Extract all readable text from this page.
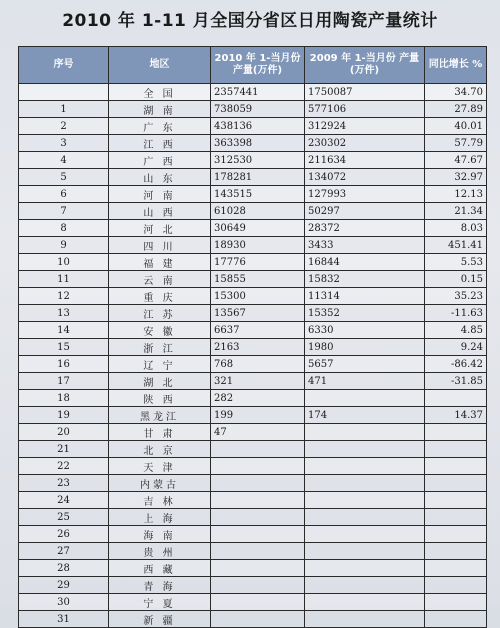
2010 年 1-11 月全国分省区日用陶瓷产量统计
序号	地区	2010 年 1-当月份 产量(万件)	2009 年 1-当月份 产量(万件)	同比增长 %
	全 国	2357441	1750087	34.70
1	湖 南	738059	577106	27.89
2	广 东	438136	312924	40.01
3	江 西	363398	230302	57.79
4	广 西	312530	211634	47.67
5	山 东	178281	134072	32.97
6	河 南	143515	127993	12.13
7	山 西	61028	50297	21.34
8	河 北	30649	28372	8.03
9	四 川	18930	3433	451.41
10	福 建	17776	16844	5.53
11	云 南	15855	15832	0.15
12	重 庆	15300	11314	35.23
13	江 苏	13567	15352	-11.63
14	安 徽	6637	6330	4.85
15	浙 江	2163	1980	9.24
16	辽 宁	768	5657	-86.42
17	湖 北	321	471	-31.85
18	陕 西	282		
19	黑龙江	199	174	14.37
20	甘 肃	47		
21	北 京			
22	天 津			
23	内蒙古			
24	吉 林			
25	上 海			
26	海 南			
27	贵 州			
28	西 藏			
29	青 海			
30	宁 夏			
31	新 疆			
